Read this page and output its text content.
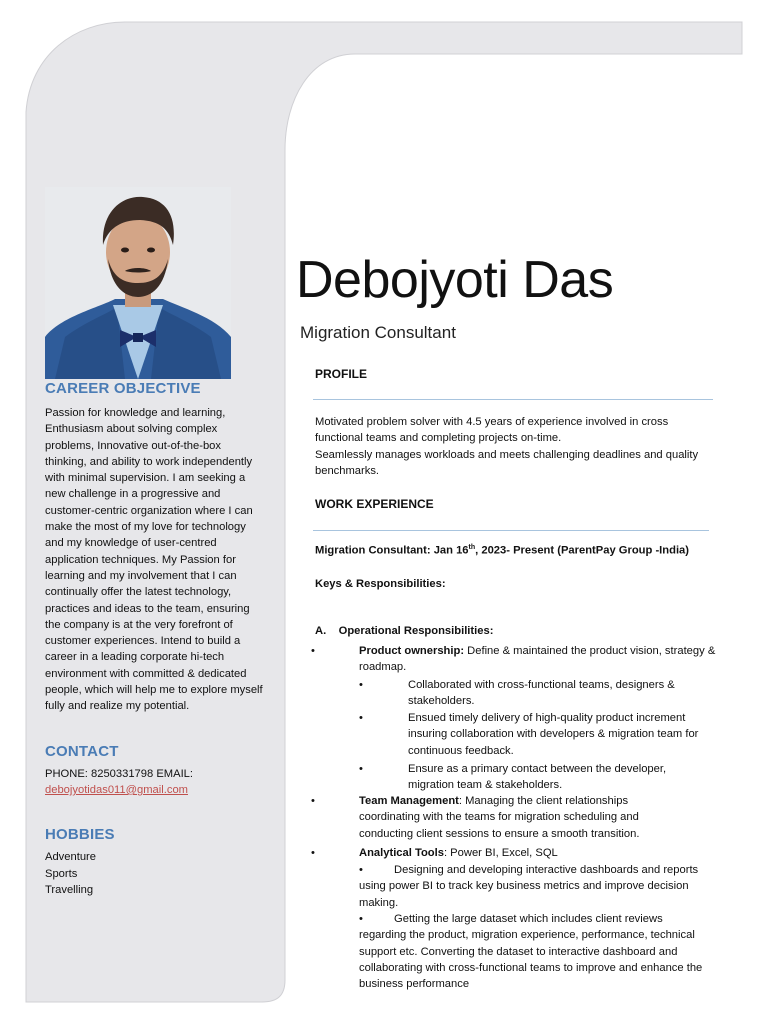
CAREER OBJECTIVE
Passion for knowledge and learning, Enthusiasm about solving complex problems, Innovative out-of-the-box thinking, and ability to work independently with minimal supervision. I am seeking a new challenge in a progressive and customer-centric organization where I can make the most of my love for technology and my knowledge of user-centred application techniques. My Passion for learning and my involvement that I can continually offer the latest technology, practices and ideas to the team, ensuring the company is at the very forefront of customer experiences. Intend to build a career in a leading corporate hi-tech environment with committed & dedicated people, which will help me to explore myself fully and realize my potential.
CONTACT
PHONE: 8250331798 EMAIL:
debojyotidas011@gmail.com
HOBBIES
Adventure
Sports
Travelling
Debojyoti Das
Migration Consultant
PROFILE
Motivated problem solver with 4.5 years of experience involved in cross functional teams and completing projects on-time.
Seamlessly manages workloads and meets challenging deadlines and quality benchmarks.
WORK EXPERIENCE
Migration Consultant: Jan 16th, 2023- Present (ParentPay Group -India)
Keys & Responsibilities:
A. Operational Responsibilities:
•	Product ownership: Define & maintained the product vision, strategy & roadmap.
•	Collaborated with cross-functional teams, designers & stakeholders.
•	Ensued timely delivery of high-quality product increment insuring collaboration with developers & migration team for continuous feedback.
•	Ensure as a primary contact between the developer, migration team & stakeholders.
•	Team Management: Managing the client relationships coordinating with the teams for migration scheduling and conducting client sessions to ensure a smooth transition.
•	Analytical Tools: Power BI, Excel, SQL
•	Designing and developing interactive dashboards and reports using power BI to track key business metrics and improve decision making.
•	Getting the large dataset which includes client reviews regarding the product, migration experience, performance, technical support etc. Converting the dataset to interactive dashboard and collaborating with cross-functional teams to improve and enhance the business performance
